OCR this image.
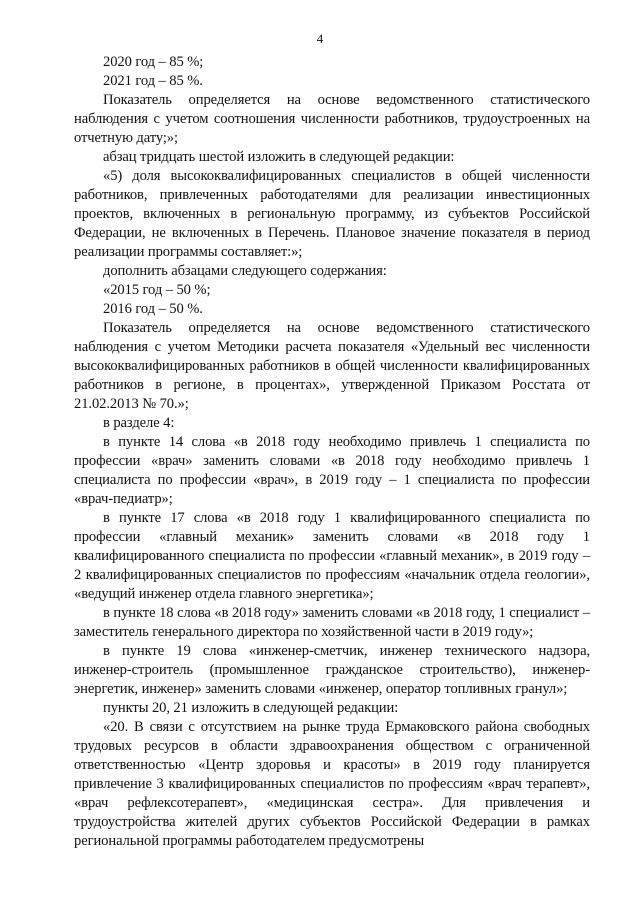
4

2020 год – 85 %;

2021 год – 85 %.

Показатель определяется на основе ведомственного статистического наблюдения с учетом соотношения численности работников, трудоустроенных на отчетную дату;»;

абзац тридцать шестой изложить в следующей редакции:

«5) доля высококвалифицированных специалистов в общей численности работников, привлеченных работодателями для реализации инвестиционных проектов, включенных в региональную программу, из субъектов Российской Федерации, не включенных в Перечень. Плановое значение показателя в период реализации программы составляет:»;

дополнить абзацами следующего содержания:

«2015 год – 50 %;

2016 год – 50 %.

Показатель определяется на основе ведомственного статистического наблюдения с учетом Методики расчета показателя «Удельный вес численности высококвалифицированных работников в общей численности квалифицированных работников в регионе, в процентах», утвержденной Приказом Росстата от 21.02.2013 № 70.»;

в разделе 4:

в пункте 14 слова «в 2018 году необходимо привлечь 1 специалиста по профессии «врач» заменить словами «в 2018 году необходимо привлечь 1 специалиста по профессии «врач», в 2019 году – 1 специалиста по профессии «врач-педиатр»;

в пункте 17 слова «в 2018 году 1 квалифицированного специалиста по профессии «главный механик» заменить словами «в 2018 году 1 квалифицированного специалиста по профессии «главный механик», в 2019 году – 2 квалифицированных специалистов по профессиям «начальник отдела геологии», «ведущий инженер отдела главного энергетика»;

в пункте 18 слова «в 2018 году» заменить словами «в 2018 году, 1 специалист – заместитель генерального директора по хозяйственной части в 2019 году»;

в пункте 19 слова «инженер-сметчик, инженер технического надзора, инженер-строитель (промышленное гражданское строительство), инженер-энергетик, инженер» заменить словами «инженер, оператор топливных гранул»;

пункты 20, 21 изложить в следующей редакции:

«20. В связи с отсутствием на рынке труда Ермаковского района свободных трудовых ресурсов в области здравоохранения обществом с ограниченной ответственностью «Центр здоровья и красоты» в 2019 году планируется привлечение 3 квалифицированных специалистов по профессиям «врач терапевт», «врач рефлексотерапевт», «медицинская сестра». Для привлечения и трудоустройства жителей других субъектов Российской Федерации в рамках региональной программы работодателем предусмотрены
